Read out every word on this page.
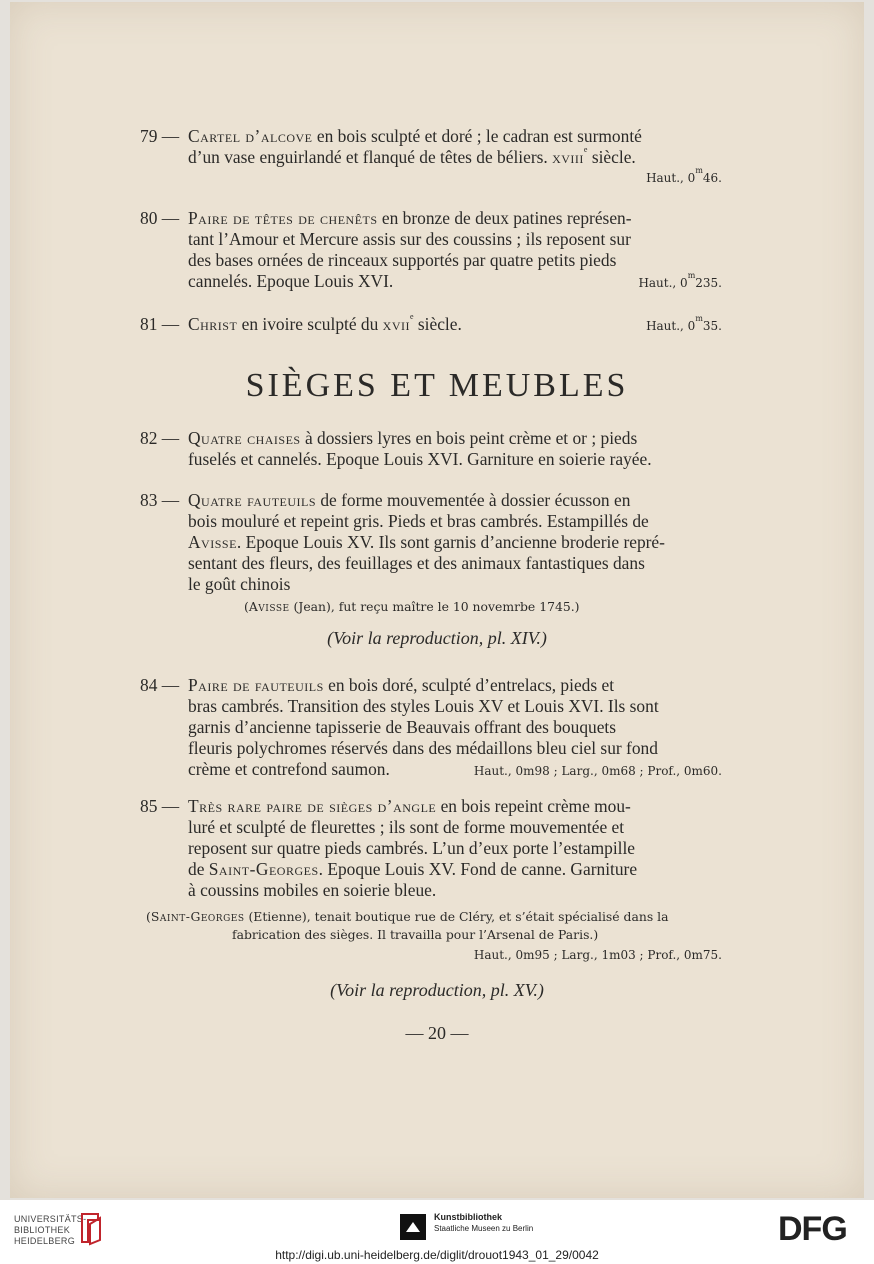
79 — Cartel d’alcove en bois sculpté et doré ; le cadran est surmonté
d’un vase enguirlandé et flanqué de têtes de béliers. xviii$^e$ siècle.
Haut., 0$^m$46.
80 — Paire de têtes de chenêts en bronze de deux patines représen-
tant l’Amour et Mercure assis sur des coussins ; ils reposent sur
des bases ornées de rinceaux supportés par quatre petits pieds
cannelés. Epoque Louis XVI.	Haut., 0$^m$235.
81 — Christ en ivoire sculpté du xvii$^e$ siècle.	Haut., 0$^m$35.
SIÈGES ET MEUBLES
82 — Quatre chaises à dossiers lyres en bois peint crème et or ; pieds
fuselés et cannelés. Epoque Louis XVI. Garniture en soierie rayée.
83 — Quatre fauteuils de forme mouvementée à dossier écusson en
bois mouluré et repeint gris. Pieds et bras cambrés. Estampillés de
Avisse. Epoque Louis XV. Ils sont garnis d’ancienne broderie repré-
sentant des fleurs, des feuillages et des animaux fantastiques dans
le goût chinois
(Avisse (Jean), fut reçu maître le 10 novemrbe 1745.)
(Voir la reproduction, pl. XIV.)
84 — Paire de fauteuils en bois doré, sculpté d’entrelacs, pieds et
bras cambrés. Transition des styles Louis XV et Louis XVI. Ils sont
garnis d’ancienne tapisserie de Beauvais offrant des bouquets
fleuris polychromes réservés dans des médaillons bleu ciel sur fond
crème et contrefond saumon.	Haut., 0m98 ; Larg., 0m68 ; Prof., 0m60.
85 — Très rare paire de sièges d’angle en bois repeint crème mou-
luré et sculpté de fleurettes ; ils sont de forme mouvementée et
reposent sur quatre pieds cambrés. L’un d’eux porte l’estampille
de Saint-Georges. Epoque Louis XV. Fond de canne. Garniture
à coussins mobiles en soierie bleue.
(Saint-Georges (Etienne), tenait boutique rue de Cléry, et s’était spécialisé dans la
fabrication des sièges. Il travailla pour l’Arsenal de Paris.)
Haut., 0m95 ; Larg., 1m03 ; Prof., 0m75.
(Voir la reproduction, pl. XV.)
— 20 —
UNIVERSITÄTS-
BIBLIOTHEK
HEIDELBERG
Kunstbibliothek
Staatliche Museen zu Berlin	DFG
http://digi.ub.uni-heidelberg.de/diglit/drouot1943_01_29/0042
